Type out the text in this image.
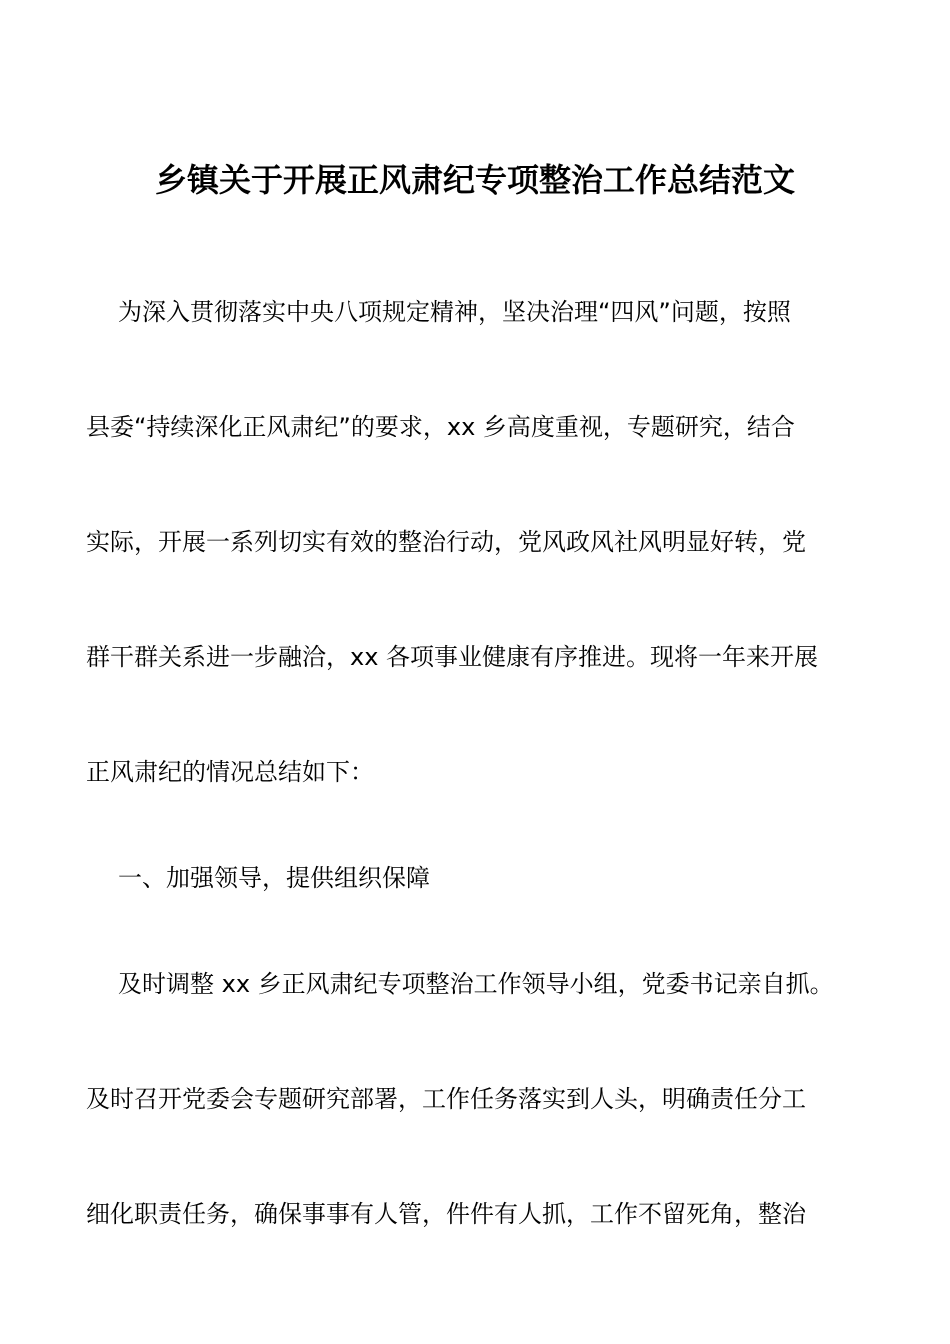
乡镇关于开展正风肃纪专项整治工作总结范文
为深入贯彻落实中央八项规定精神，坚决治理“四风”问题，按照
县委“持续深化正风肃纪”的要求，xx 乡高度重视，专题研究，结合
实际，开展一系列切实有效的整治行动，党风政风社风明显好转，党
群干群关系进一步融洽，xx 各项事业健康有序推进。现将一年来开展
正风肃纪的情况总结如下：
一、加强领导，提供组织保障
及时调整 xx 乡正风肃纪专项整治工作领导小组，党委书记亲自抓。
及时召开党委会专题研究部署，工作任务落实到人头，明确责任分工
细化职责任务，确保事事有人管，件件有人抓，工作不留死角，整治
